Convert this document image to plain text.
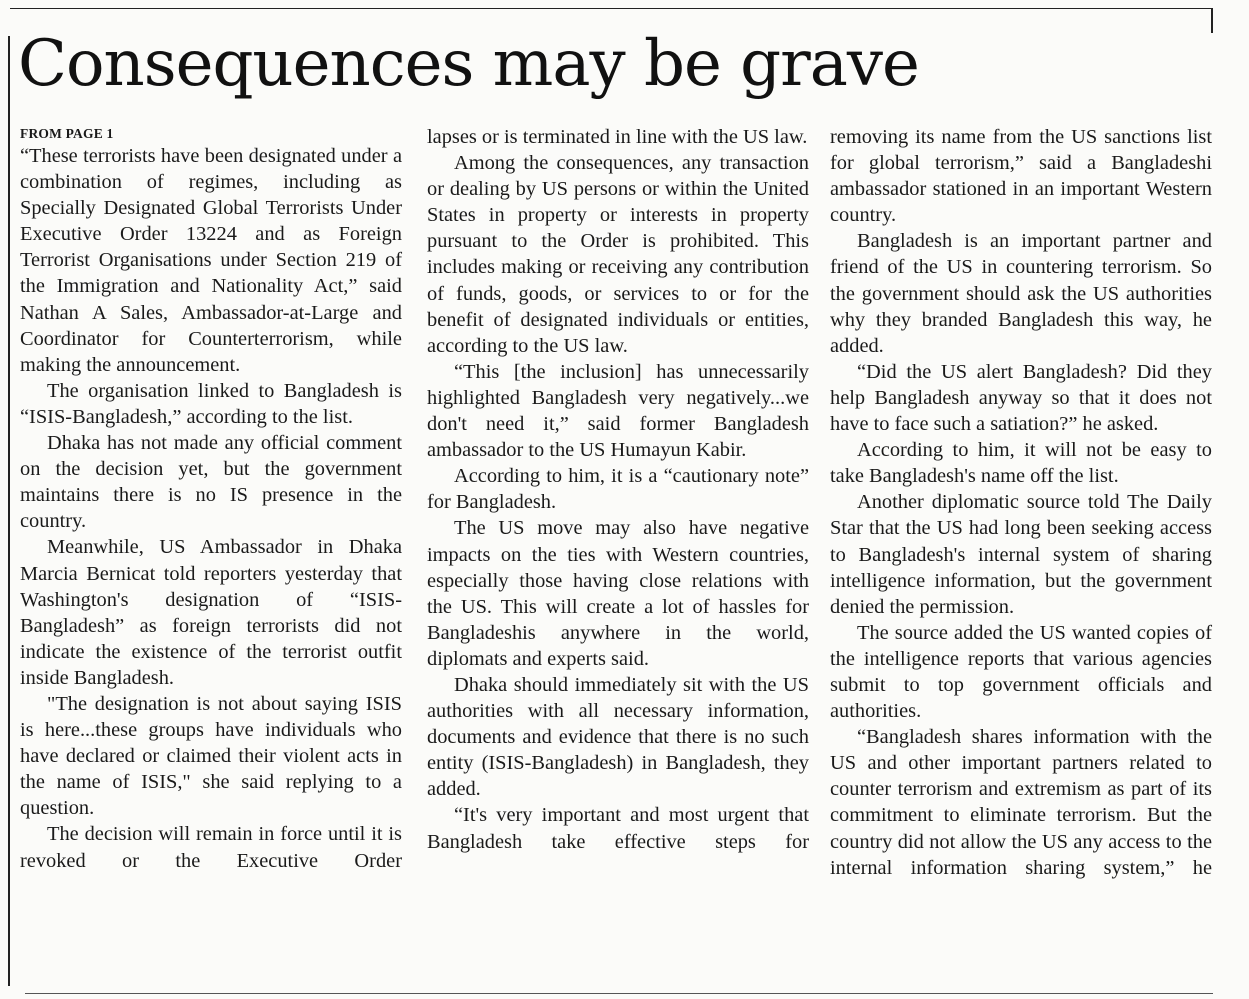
Consequences may be grave
FROM PAGE 1

“These terrorists have been designated under a combination of regimes, including as Specially Designated Global Terrorists Under Executive Order 13224 and as Foreign Terrorist Organisations under Section 219 of the Immigration and Nationality Act,” said Nathan A Sales, Ambassador-at-Large and Coordinator for Counterterrorism, while making the announcement.

The organisation linked to Bangladesh is “ISIS-Bangladesh,” according to the list.

Dhaka has not made any official comment on the decision yet, but the government maintains there is no IS presence in the country.

Meanwhile, US Ambassador in Dhaka Marcia Bernicat told reporters yesterday that Washington's designation of “ISIS-Bangladesh” as foreign terrorists did not indicate the existence of the terrorist outfit inside Bangladesh.

"The designation is not about saying ISIS is here...these groups have individuals who have declared or claimed their violent acts in the name of ISIS," she said replying to a question.

The decision will remain in force until it is revoked or the Executive Order

lapses or is terminated in line with the US law.

Among the consequences, any transaction or dealing by US persons or within the United States in property or interests in property pursuant to the Order is prohibited. This includes making or receiving any contribution of funds, goods, or services to or for the benefit of designated individuals or entities, according to the US law.

“This [the inclusion] has unnecessarily highlighted Bangladesh very negatively...we don't need it,” said former Bangladesh ambassador to the US Humayun Kabir.

According to him, it is a “cautionary note” for Bangladesh.

The US move may also have negative impacts on the ties with Western countries, especially those having close relations with the US. This will create a lot of hassles for Bangladeshis anywhere in the world, diplomats and experts said.

Dhaka should immediately sit with the US authorities with all necessary information, documents and evidence that there is no such entity (ISIS-Bangladesh) in Bangladesh, they added.

“It's very important and most urgent that Bangladesh take effective steps for

removing its name from the US sanctions list for global terrorism,” said a Bangladeshi ambassador stationed in an important Western country.

Bangladesh is an important partner and friend of the US in countering terrorism. So the government should ask the US authorities why they branded Bangladesh this way, he added.

“Did the US alert Bangladesh? Did they help Bangladesh anyway so that it does not have to face such a satiation?” he asked.

According to him, it will not be easy to take Bangladesh's name off the list.

Another diplomatic source told The Daily Star that the US had long been seeking access to Bangladesh's internal system of sharing intelligence information, but the government denied the permission.

The source added the US wanted copies of the intelligence reports that various agencies submit to top government officials and authorities.

“Bangladesh shares information with the US and other important partners related to counter terrorism and extremism as part of its commitment to eliminate terrorism. But the country did not allow the US any access to the internal information sharing system,” he
